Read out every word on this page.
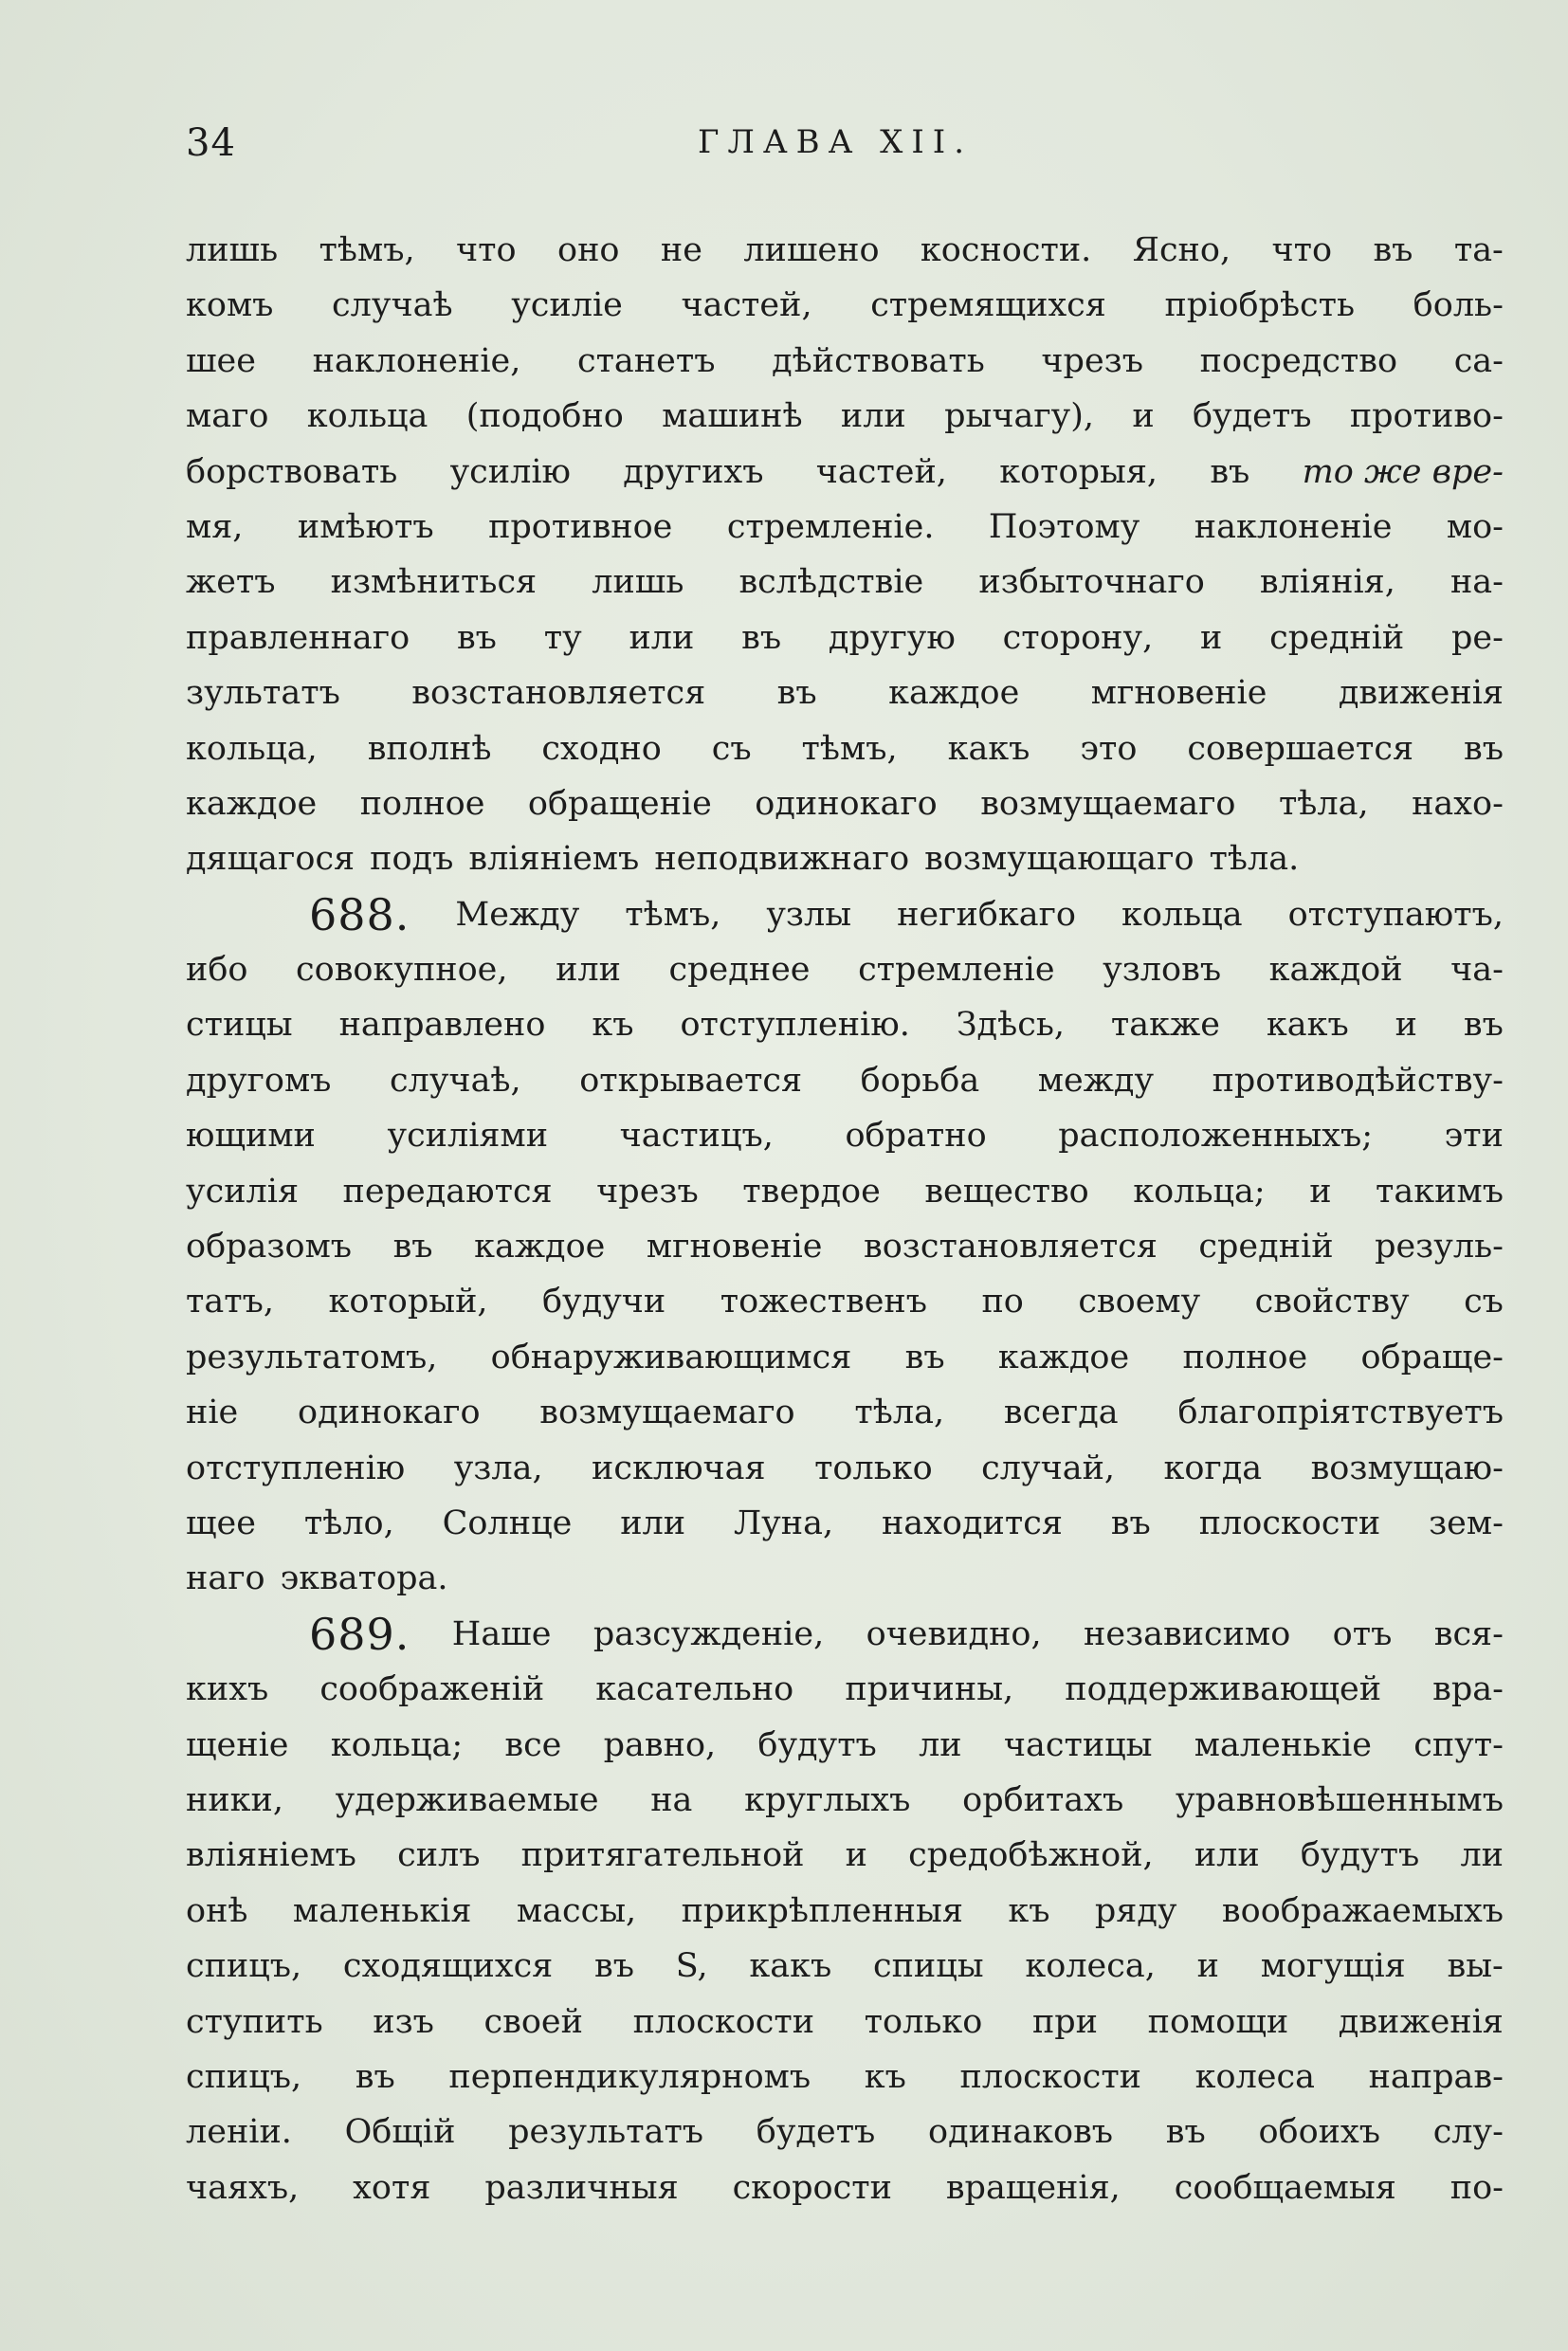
34	ГЛАВА XII.
лишь тѣмъ, что оно не лишено косности. Ясно, что въ та-
комъ случаѣ усиліе частей, стремящихся пріобрѣсть боль-
шее наклоненіе, станетъ дѣйствовать чрезъ посредство са-
маго кольца (подобно машинѣ или рычагу), и будетъ противо-
борствовать усилію другихъ частей, которыя, въ то же вре-
мя, имѣютъ противное стремленіе. Поэтому наклоненіе мо-
жетъ измѣниться лишь вслѣдствіе избыточнаго вліянія, на-
правленнаго въ ту или въ другую сторону, и средній ре-
зультатъ возстановляется въ каждое мгновеніе движенія
кольца, вполнѣ сходно съ тѣмъ, какъ это совершается въ
каждое полное обращеніе одинокаго возмущаемаго тѣла, нахо-
дящагося подъ вліяніемъ неподвижнаго возмущающаго тѣла.
688. Между тѣмъ, узлы негибкаго кольца отступаютъ,
ибо совокупное, или среднее стремленіе узловъ каждой ча-
стицы направлено къ отступленію. Здѣсь, также какъ и въ
другомъ случаѣ, открывается борьба между противодѣйству-
ющими усиліями частицъ, обратно расположенныхъ; эти
усилія передаются чрезъ твердое вещество кольца; и такимъ
образомъ въ каждое мгновеніе возстановляется средній резуль-
татъ, который, будучи тожественъ по своему свойству съ
результатомъ, обнаруживающимся въ каждое полное обраще-
ніе одинокаго возмущаемаго тѣла, всегда благопріятствуетъ
отступленію узла, исключая только случай, когда возмущаю-
щее тѣло, Солнце или Луна, находится въ плоскости зем-
наго экватора.
689. Наше разсужденіе, очевидно, независимо отъ вся-
кихъ соображеній касательно причины, поддерживающей вра-
щеніе кольца; все равно, будутъ ли частицы маленькіе спут-
ники, удерживаемые на круглыхъ орбитахъ уравновѣшеннымъ
вліяніемъ силъ притягательной и средобѣжной, или будутъ ли
онѣ маленькія массы, прикрѣпленныя къ ряду воображаемыхъ
спицъ, сходящихся въ S, какъ спицы колеса, и могущія вы-
ступить изъ своей плоскости только при помощи движенія
спицъ, въ перпендикулярномъ къ плоскости колеса направ-
леніи. Общій результатъ будетъ одинаковъ въ обоихъ слу-
чаяхъ, хотя различныя скорости вращенія, сообщаемыя по-
